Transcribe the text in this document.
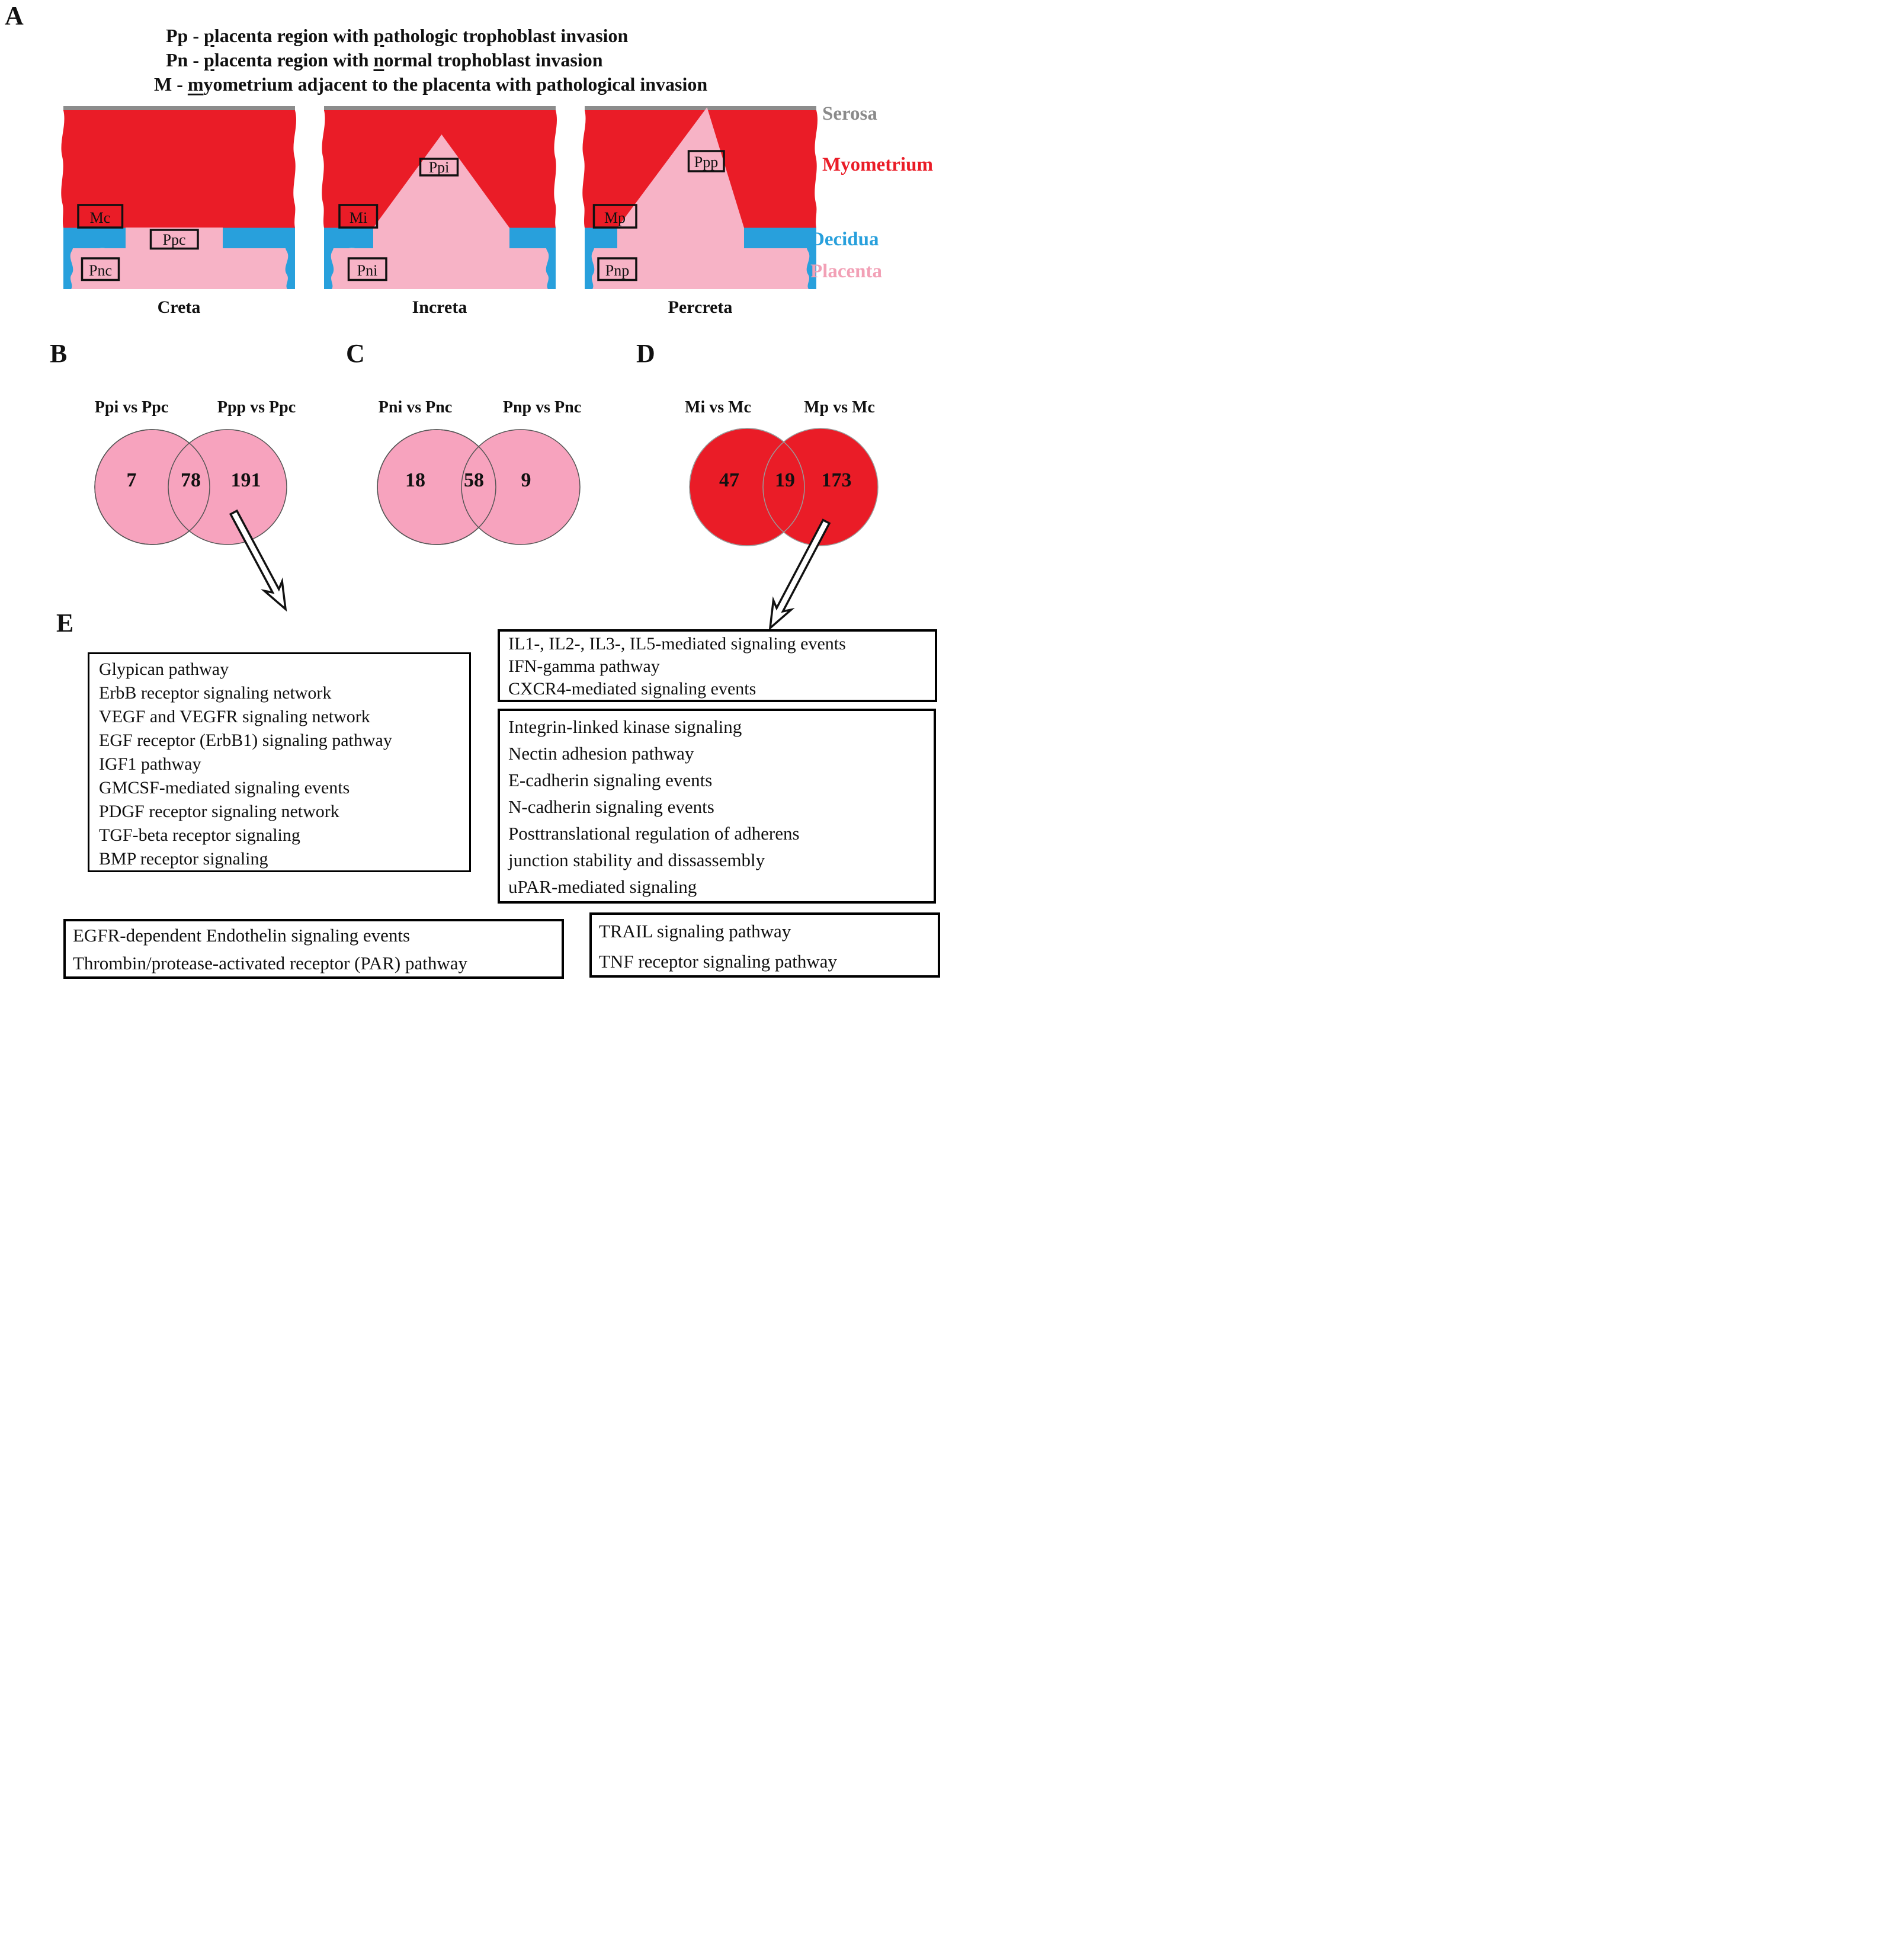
Mc
Ppc
Pnc
Mi
Ppi
Pni
Mp
Ppp
Pnp
A
Pp - placenta region with pathologic trophoblast invasion
Pn - placenta region with normal trophoblast invasion
M - myometrium adjacent to the placenta with pathological invasion
Creta	Increta	Percreta
Serosa
Myometrium
Decidua
Placenta
B	C	D
Ppi vs Ppc	Ppp vs Ppc	Pni vs Pnc	Pnp vs Pnc	Mi vs Mc	Mp vs Mc
7	78	191	18	58	9	47	19	173
E
Glypican pathway
ErbB receptor signaling network
VEGF and VEGFR signaling network
EGF receptor (ErbB1) signaling pathway
IGF1 pathway
GMCSF-mediated signaling events
PDGF receptor signaling network
TGF-beta receptor signaling
BMP receptor signaling
IL1-, IL2-, IL3-, IL5-mediated signaling events
IFN-gamma pathway
CXCR4-mediated signaling events
Integrin-linked kinase signaling
Nectin adhesion pathway
E-cadherin signaling events
N-cadherin signaling events
Posttranslational regulation of adherens
junction stability and dissassembly
uPAR-mediated signaling
EGFR-dependent Endothelin signaling events
Thrombin/protease-activated receptor (PAR) pathway
TRAIL signaling pathway
TNF receptor signaling pathway
